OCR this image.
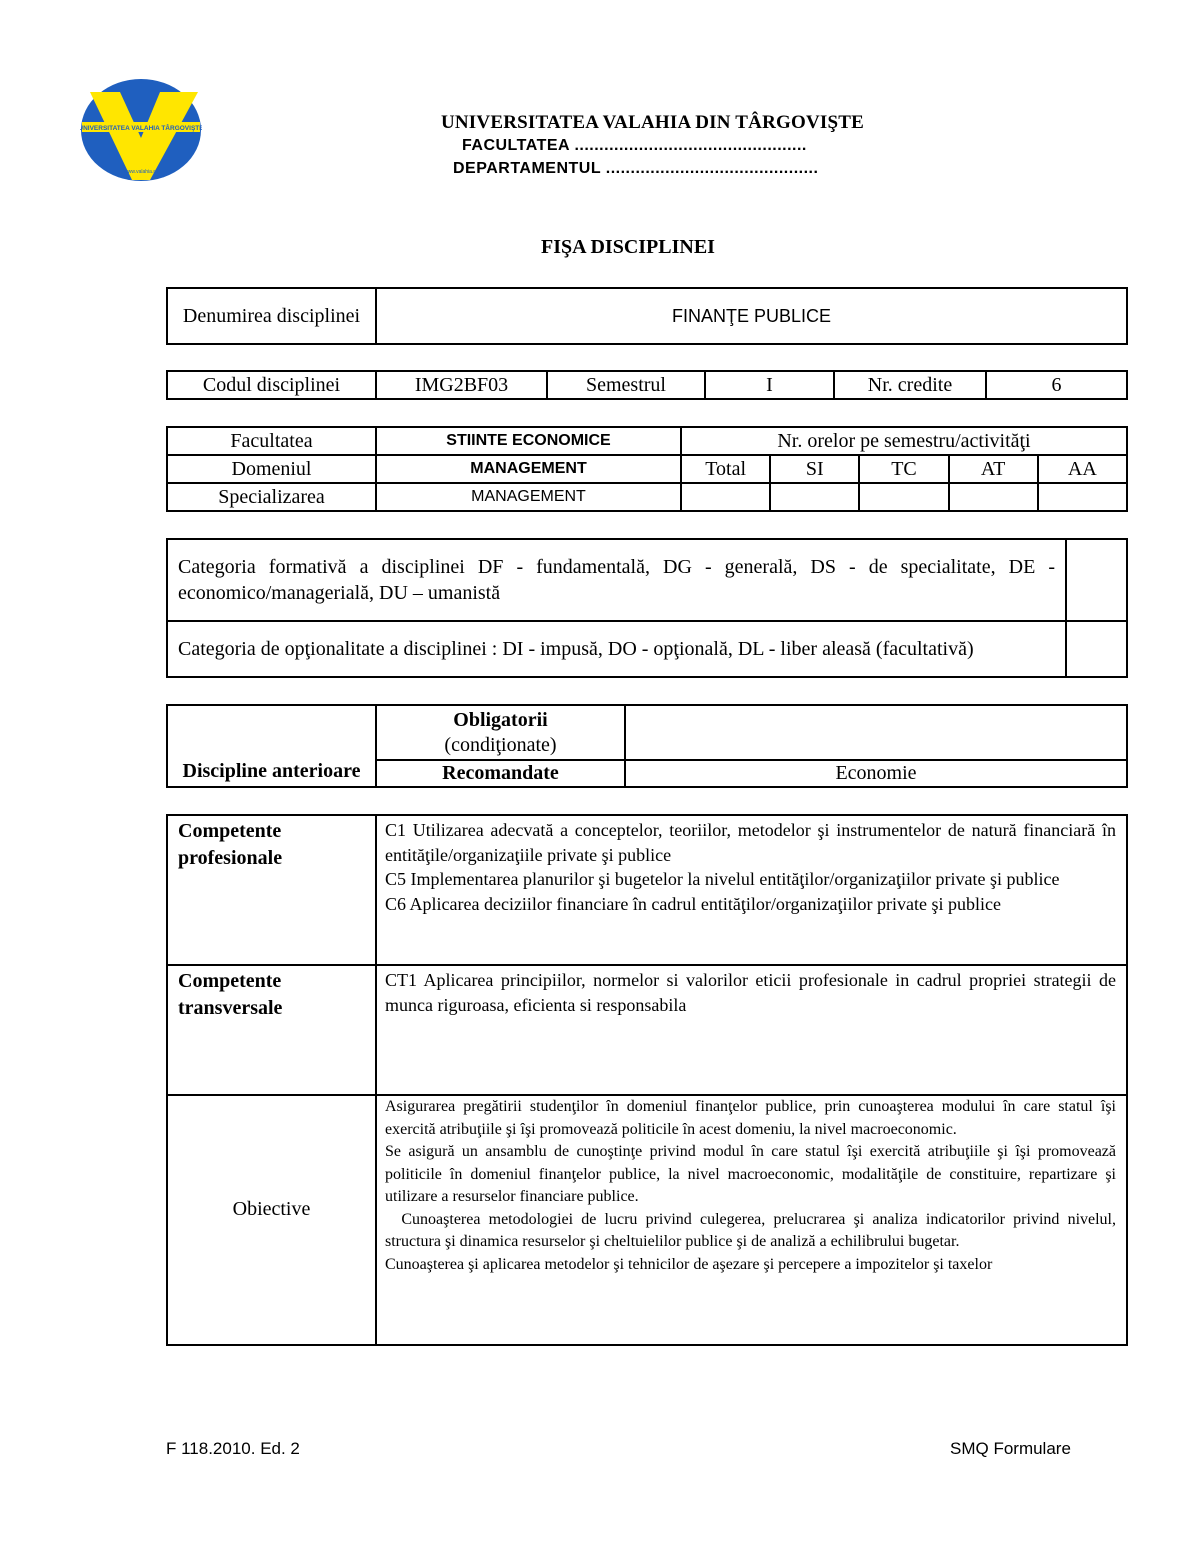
UNIVERSITATEA VALAHIA TÂRGOVIŞTE
www.valahia.ro
UNIVERSITATEA VALAHIA DIN TÂRGOVIŞTE
FACULTATEA ...............................................
DEPARTAMENTUL ...........................................
FIŞA DISCIPLINEI
Denumirea disciplinei	FINANŢE PUBLICE
Codul disciplinei	IMG2BF03	Semestrul	I	Nr. credite	6
Facultatea	STIINTE ECONOMICE	Nr. orelor pe semestru/activităţi				
Domeniul	MANAGEMENT	Total	SI	TC	AT	AA
Specializarea	MANAGEMENT					
Categoria formativă a disciplinei DF - fundamentală, DG - generală, DS - de specialitate, DE - economico/managerială, DU – umanistă	
Categoria de opţionalitate a disciplinei : DI - impusă, DO - opţională, DL - liber aleasă (facultativă)	
Discipline anterioare	Obligatorii
(condiţionate)	
	Recomandate	Economie
Competente profesionale	C1 Utilizarea adecvată a conceptelor, teoriilor, metodelor şi instrumentelor de natură financiară în entităţile/organizaţiile private şi publice
C5 Implementarea planurilor şi bugetelor la nivelul entităţilor/organizaţiilor private şi publice
C6 Aplicarea deciziilor financiare în cadrul entităţilor/organizaţiilor private şi publice

Competente transversale	CT1 Aplicarea principiilor, normelor si valorilor eticii profesionale in cadrul propriei strategii de munca riguroasa, eficienta si responsabila
Obiective	Asigurarea pregătirii studenţilor în domeniul finanţelor publice, prin cunoaşterea modului în care statul îşi exercită atribuţiile şi îşi promovează politicile în acest domeniu, la nivel macroeconomic.
Se asigură un ansamblu de cunoştinţe privind modul în care statul îşi exercită atribuţiile şi îşi promovează politicile în domeniul finanţelor publice, la nivel macroeconomic, modalităţile de constituire, repartizare şi utilizare a resurselor financiare publice.
Cunoaşterea metodologiei de lucru privind culegerea, prelucrarea şi analiza indicatorilor privind nivelul, structura şi dinamica resurselor şi cheltuielilor publice şi de analiză a echilibrului bugetar.
Cunoaşterea şi aplicarea metodelor şi tehnicilor de aşezare şi percepere a impozitelor şi taxelor
F 118.2010. Ed. 2	SMQ Formulare
